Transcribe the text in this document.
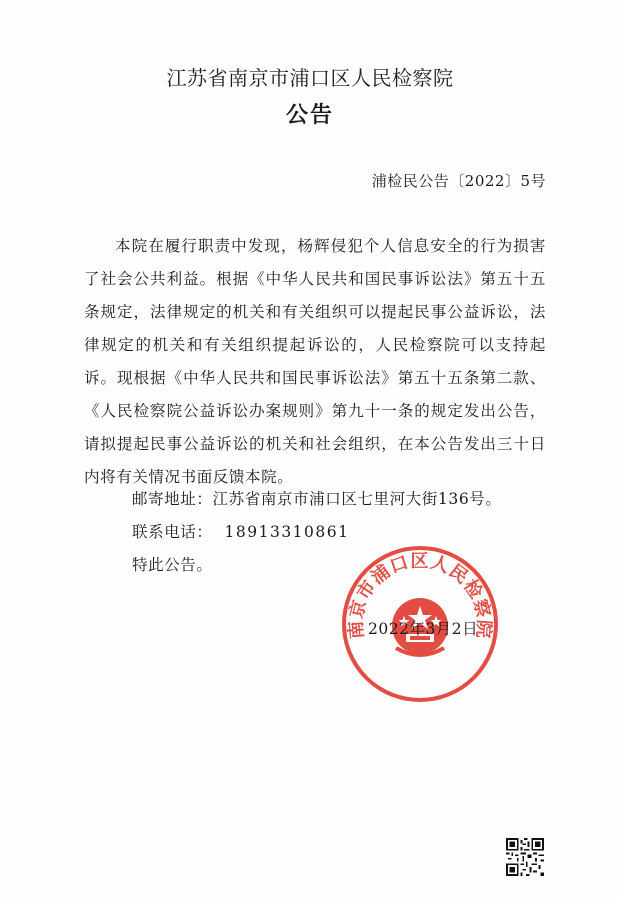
江苏省南京市浦口区人民检察院
公告
浦检民公告〔2022〕5号

本院在履行职责中发现，杨辉侵犯个人信息安全的行为损害了社会公共利益。根据《中华人民共和国民事诉讼法》第五十五条规定，法律规定的机关和有关组织可以提起民事公益诉讼，法律规定的机关和有关组织提起诉讼的，人民检察院可以支持起诉。现根据《中华人民共和国民事诉讼法》第五十五条第二款、《人民检察院公益诉讼办案规则》第九十一条的规定发出公告，请拟提起民事公益诉讼的机关和社会组织，在本公告发出三十日内将有关情况书面反馈本院。

邮寄地址：江苏省南京市浦口区七里河大街136号。
联系电话： 18913310861
特此公告。
南京市浦口区人民检察院
2022年3月2日
